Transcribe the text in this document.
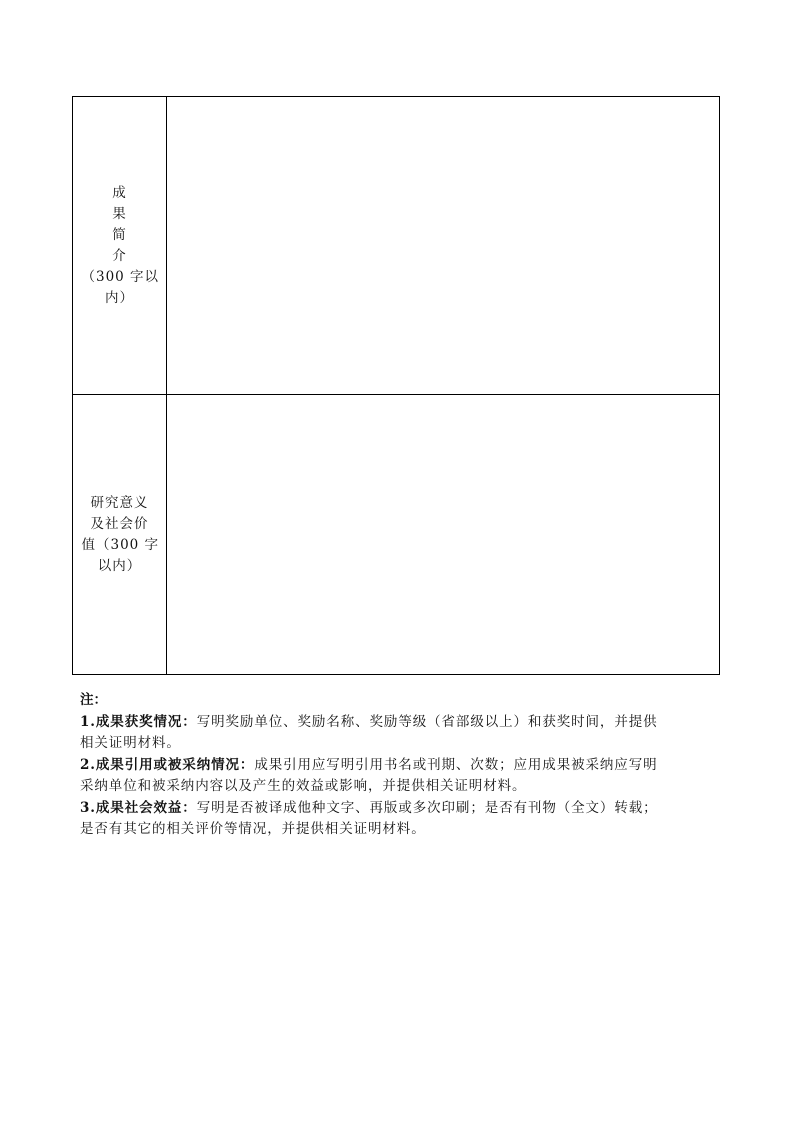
成
果
简
介
（300 字以
内）
研究意义
及社会价
值（300 字
以内）

注：

1.成果获奖情况：写明奖励单位、奖励名称、奖励等级（省部级以上）和获奖时间，并提供

相关证明材料。

2.成果引用或被采纳情况：成果引用应写明引用书名或刊期、次数；应用成果被采纳应写明

采纳单位和被采纳内容以及产生的效益或影响，并提供相关证明材料。

3.成果社会效益：写明是否被译成他种文字、再版或多次印刷；是否有刊物（全文）转载；

是否有其它的相关评价等情况，并提供相关证明材料。
